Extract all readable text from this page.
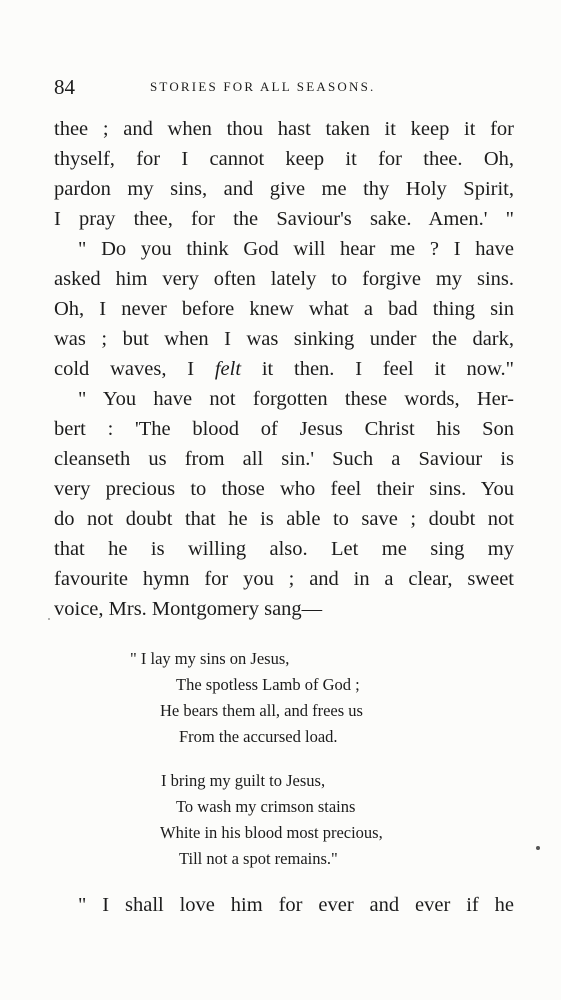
84	STORIES FOR ALL SEASONS.
thee ; and when thou hast taken it keep it for
thyself, for I cannot keep it for thee. Oh,
pardon my sins, and give me thy Holy Spirit,
I pray thee, for the Saviour's sake. Amen.' "
" Do you think God will hear me ? I have
asked him very often lately to forgive my sins.
Oh, I never before knew what a bad thing sin
was ; but when I was sinking under the dark,
cold waves, I felt it then. I feel it now."
" You have not forgotten these words, Her-
bert : 'The blood of Jesus Christ his Son
cleanseth us from all sin.' Such a Saviour is
very precious to those who feel their sins. You
do not doubt that he is able to save ; doubt not
that he is willing also. Let me sing my
favourite hymn for you ; and in a clear, sweet
voice, Mrs. Montgomery sang—
" I lay my sins on Jesus,
The spotless Lamb of God ;
He bears them all, and frees us
From the accursed load.
I bring my guilt to Jesus,
To wash my crimson stains
White in his blood most precious,
Till not a spot remains."
" I shall love him for ever and ever if he
